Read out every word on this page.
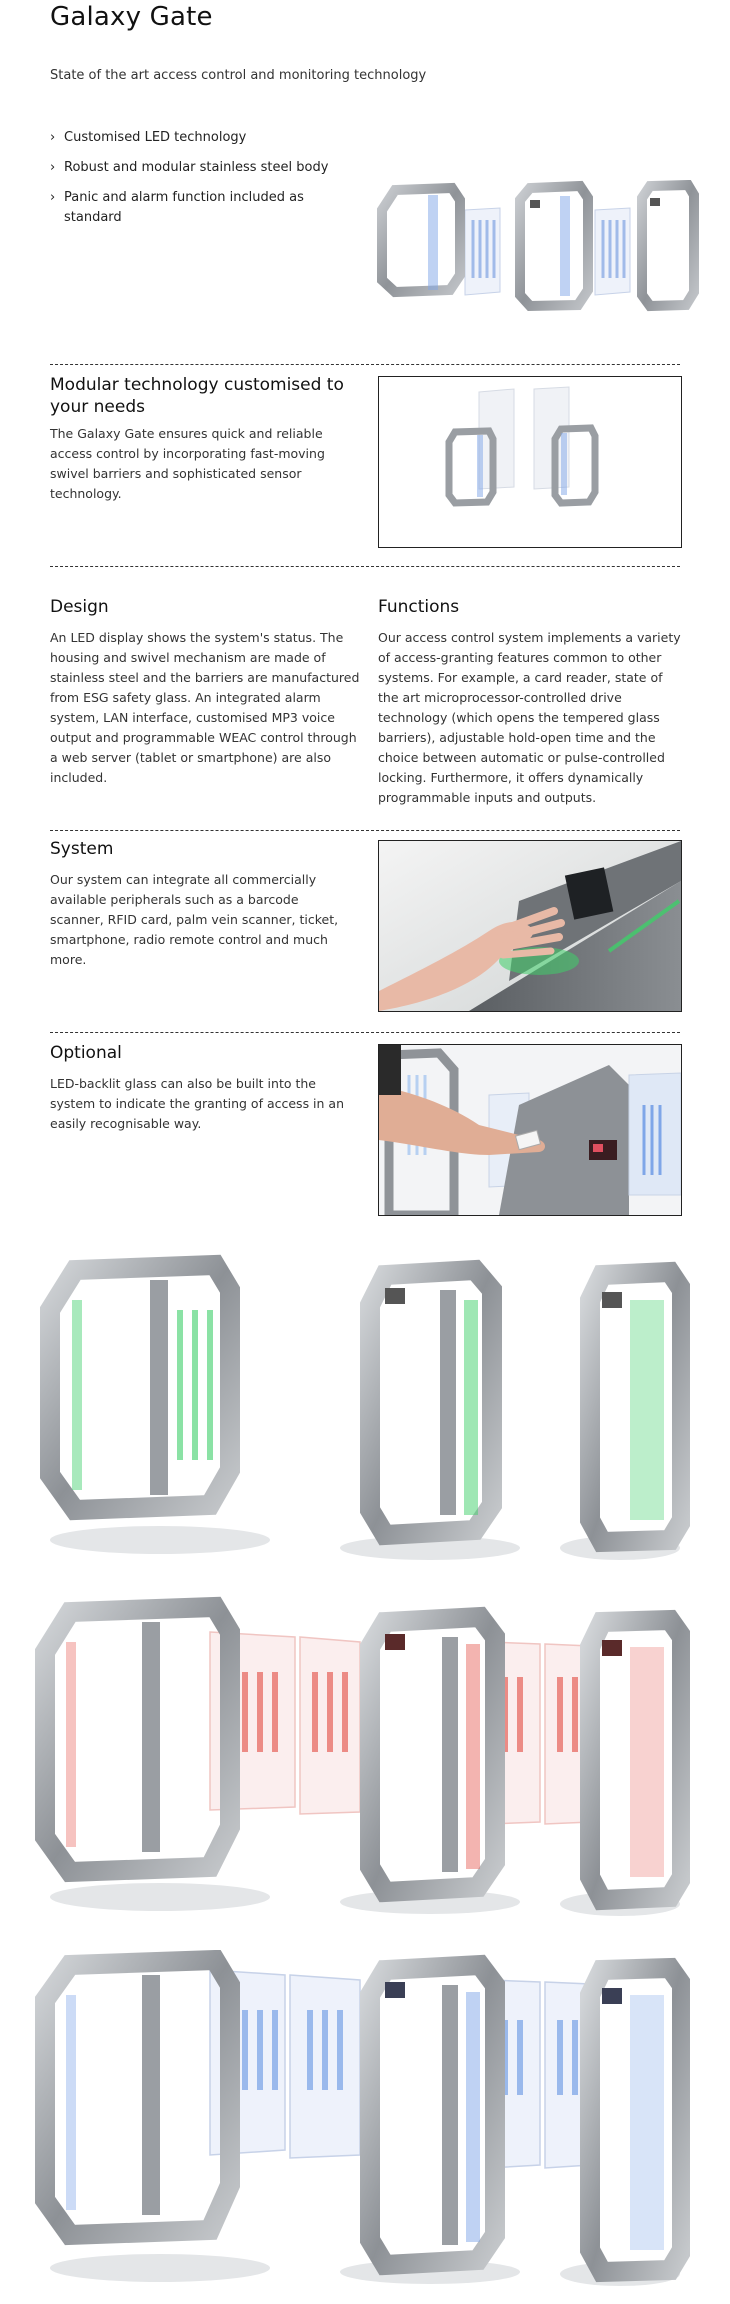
Galaxy Gate

State of the art access control and monitoring technology

› Customised LED technology
› Robust and modular stainless steel body
› Panic and alarm function included as standard
Modular technology customised to your needs

The Galaxy Gate ensures quick and reliable access control by incorporating fast-moving swivel barriers and sophisticated sensor technology.

Design

An LED display shows the system's status. The housing and swivel mechanism are made of stainless steel and the barriers are manufactured from ESG safety glass. An integrated alarm system, LAN interface, customised MP3 voice output and programmable WEAC control through a web server (tablet or smartphone) are also included.

Functions

Our access control system implements a variety of access-granting features common to other systems. For example, a card reader, state of the art microprocessor-controlled drive technology (which opens the tempered glass barriers), adjustable hold-open time and the choice between automatic or pulse-controlled locking. Furthermore, it offers dynamically programmable inputs and outputs.

System

Our system can integrate all commercially available peripherals such as a barcode scanner, RFID card, palm vein scanner, ticket, smartphone, radio remote control and much more.

Optional

LED-backlit glass can also be built into the system to indicate the granting of access in an easily recognisable way.
